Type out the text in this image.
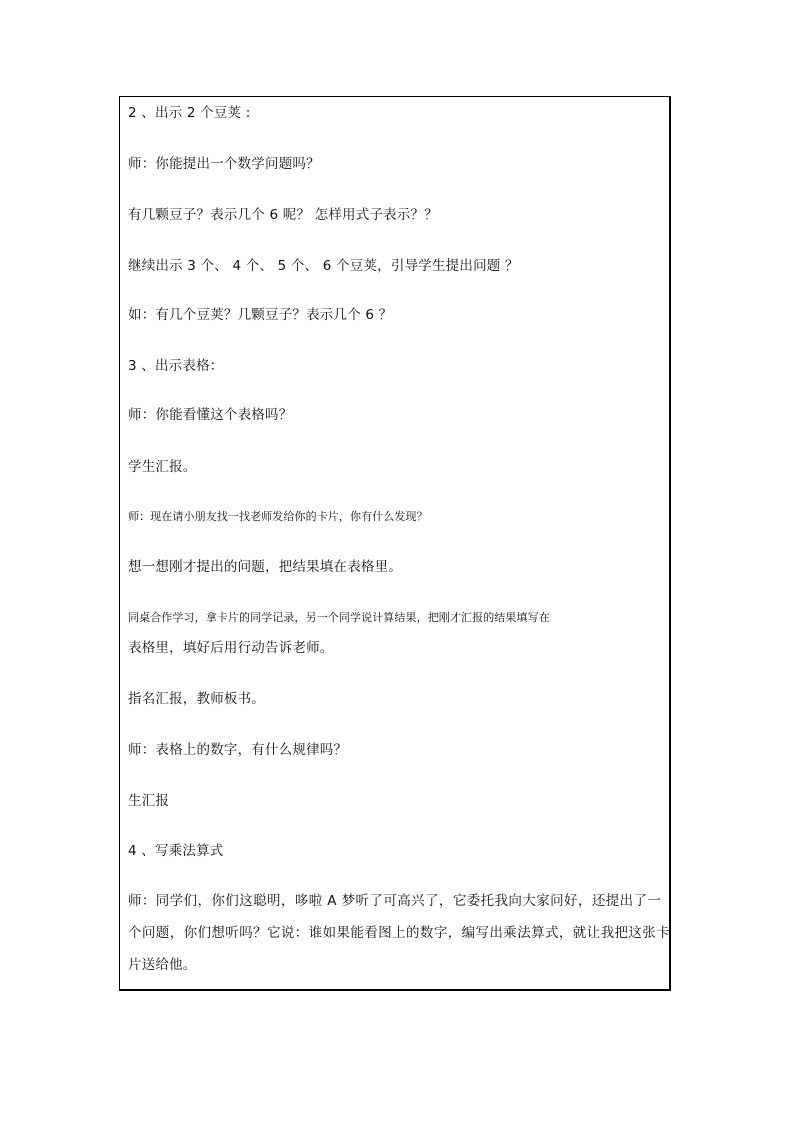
2 、出示 2 个豆荚 :
师：你能提出一个数学问题吗？
有几颗豆子？表示几个 6 呢？ 怎样用式子表示？？
继续出示 3 个、 4 个、 5 个、 6 个豆荚，引导学生提出问题 ？
如：有几个豆荚？几颗豆子？表示几个 6 ？
3 、出示表格：
师：你能看懂这个表格吗？
学生汇报。
师：现在请小朋友找一找老师发给你的卡片，你有什么发现？
想一想刚才提出的问题，把结果填在表格里。
同桌合作学习，拿卡片的同学记录，另一个同学说计算结果，把刚才汇报的结果填写在
表格里，填好后用行动告诉老师。
指名汇报，教师板书。
师：表格上的数字，有什么规律吗？
生汇报
4 、写乘法算式
师：同学们，你们这聪明，哆啦 A 梦听了可高兴了，它委托我向大家问好，还提出了一
个问题，你们想听吗？它说：谁如果能看图上的数字，编写出乘法算式，就让我把这张卡
片送给他。
